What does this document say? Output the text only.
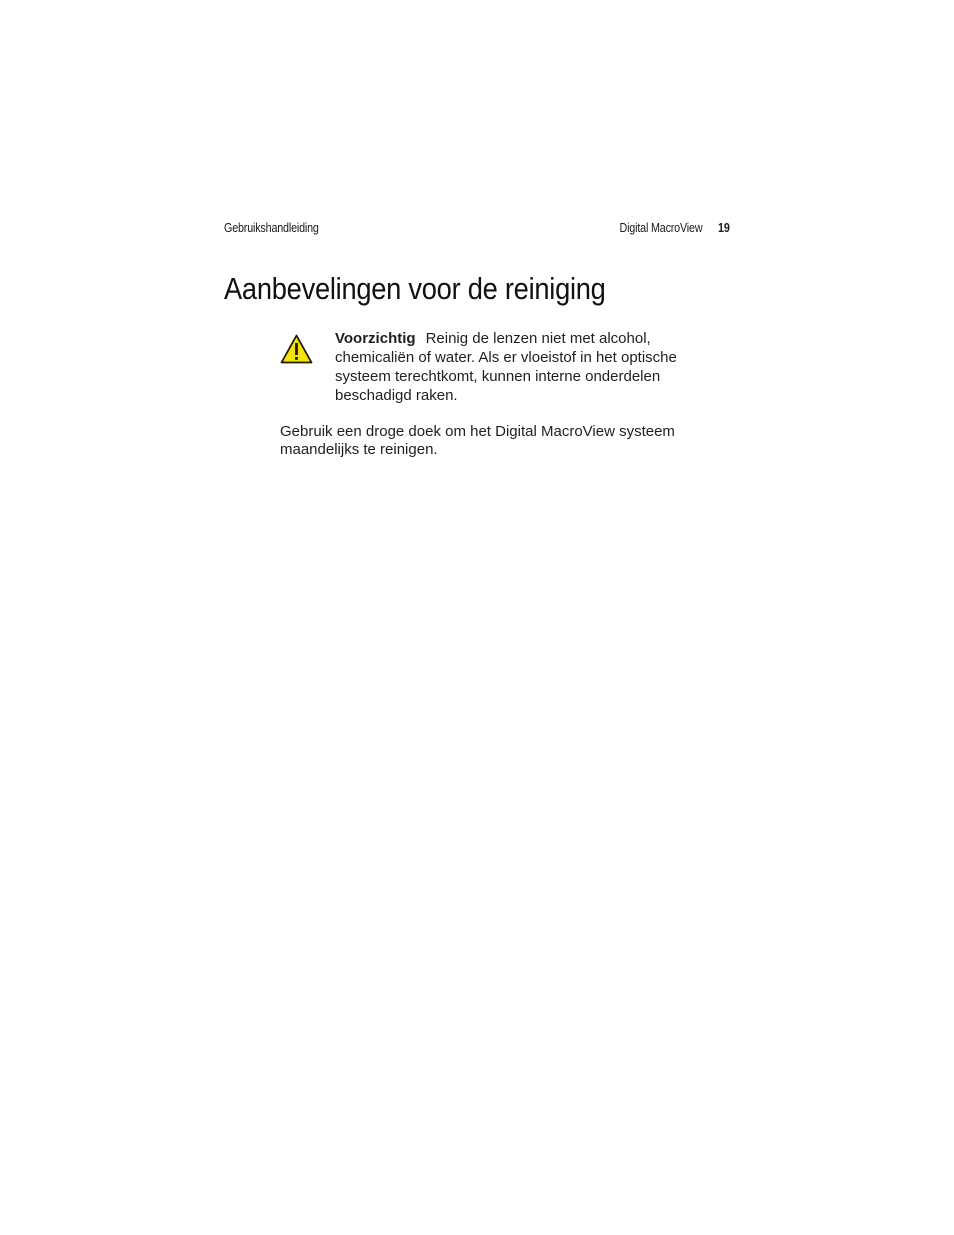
Gebruikshandleiding	Digital MacroView 19
Aanbevelingen voor de reiniging
Voorzichtig Reinig de lenzen niet met alcohol, chemicaliën of water. Als er vloeistof in het optische systeem terechtkomt, kunnen interne onderdelen beschadigd raken.

Gebruik een droge doek om het Digital MacroView systeem maandelijks te reinigen.
